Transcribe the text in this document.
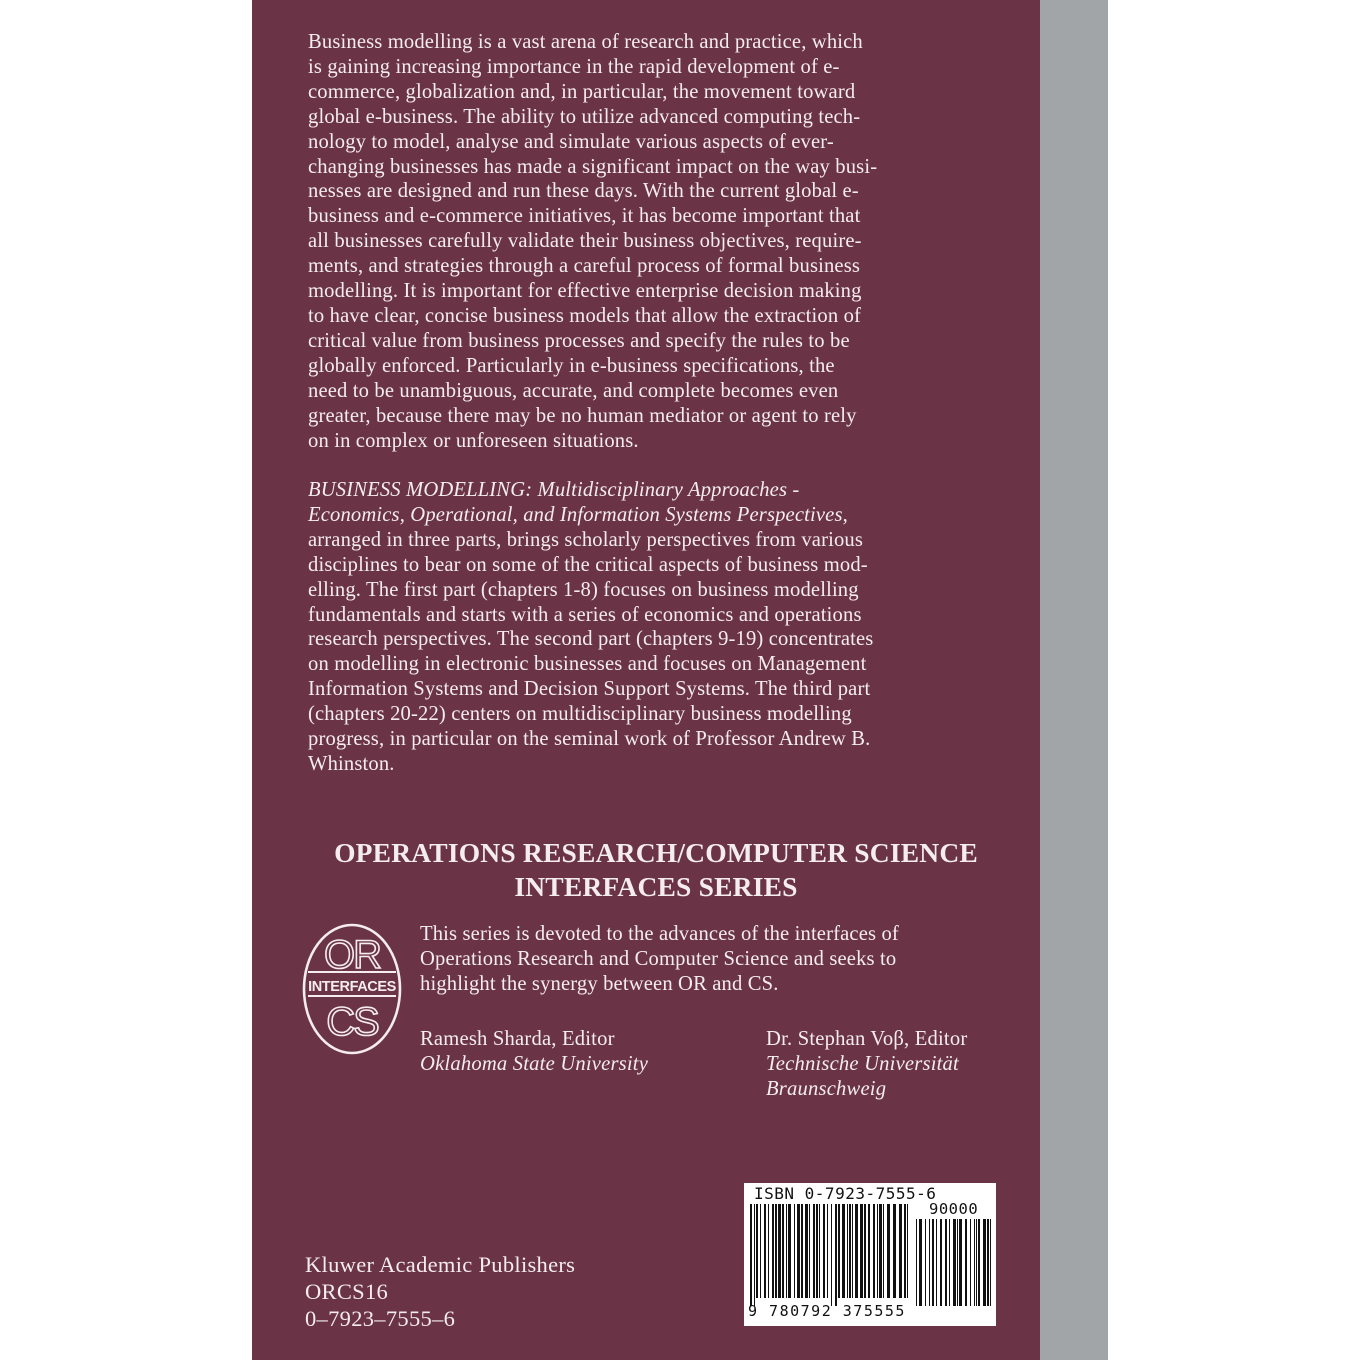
Business modelling is a vast arena of research and practice, which
is gaining increasing importance in the rapid development of e-
commerce, globalization and, in particular, the movement toward
global e-business. The ability to utilize advanced computing tech-
nology to model, analyse and simulate various aspects of ever-
changing businesses has made a significant impact on the way busi-
nesses are designed and run these days. With the current global e-
business and e-commerce initiatives, it has become important that
all businesses carefully validate their business objectives, require-
ments, and strategies through a careful process of formal business
modelling. It is important for effective enterprise decision making
to have clear, concise business models that allow the extraction of
critical value from business processes and specify the rules to be
globally enforced. Particularly in e-business specifications, the
need to be unambiguous, accurate, and complete becomes even
greater, because there may be no human mediator or agent to rely
on in complex or unforeseen situations.

BUSINESS MODELLING: Multidisciplinary Approaches -
Economics, Operational, and Information Systems Perspectives,
arranged in three parts, brings scholarly perspectives from various
disciplines to bear on some of the critical aspects of business mod-
elling. The first part (chapters 1-8) focuses on business modelling
fundamentals and starts with a series of economics and operations
research perspectives. The second part (chapters 9-19) concentrates
on modelling in electronic businesses and focuses on Management
Information Systems and Decision Support Systems. The third part
(chapters 20-22) centers on multidisciplinary business modelling
progress, in particular on the seminal work of Professor Andrew B.
Whinston.

OPERATIONS RESEARCH/COMPUTER SCIENCE
INTERFACES SERIES
OR
INTERFACES
CS
This series is devoted to the advances of the interfaces of
Operations Research and Computer Science and seeks to
highlight the synergy between OR and CS.
Ramesh Sharda, Editor
Oklahoma State University
Dr. Stephan Voβ, Editor
Technische Universität
Braunschweig
Kluwer Academic Publishers
ORCS16
0–7923–7555–6
ISBN 0-7923-7555-6
90000
9 780792 375555
